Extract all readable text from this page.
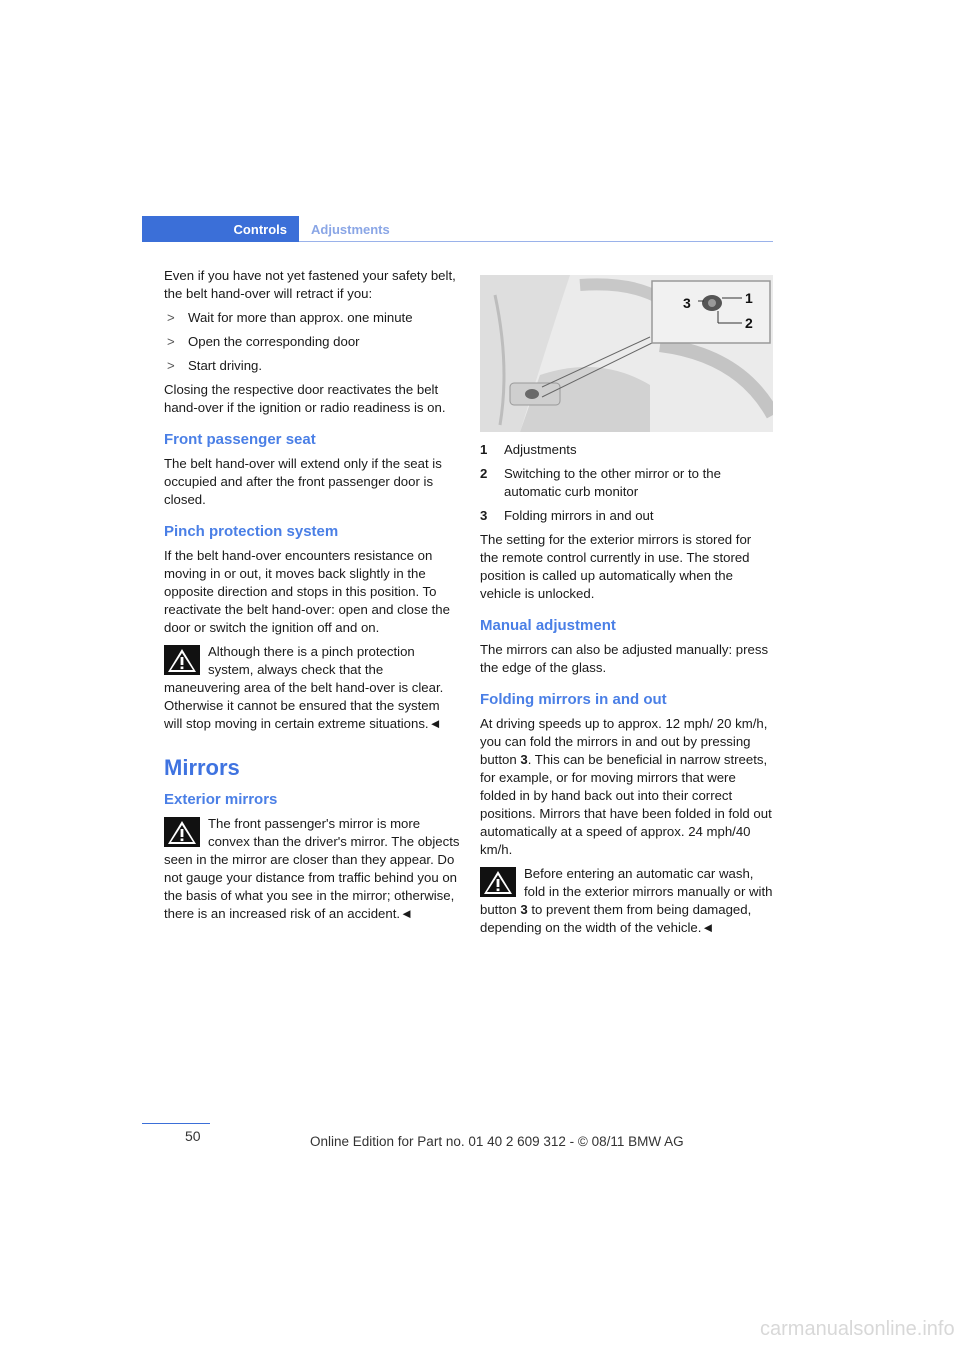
Controls Adjustments

Even if you have not yet fastened your safety belt, the belt hand-over will retract if you:

> Wait for more than approx. one minute
> Open the corresponding door
> Start driving.

Closing the respective door reactivates the belt hand-over if the ignition or radio readiness is on.

Front passenger seat

The belt hand-over will extend only if the seat is occupied and after the front passenger door is closed.

Pinch protection system

If the belt hand-over encounters resistance on moving in or out, it moves back slightly in the opposite direction and stops in this position. To reactivate the belt hand-over: open and close the door or switch the ignition off and on.

Although there is a pinch protection system, always check that the maneuvering area of the belt hand-over is clear. Otherwise it cannot be ensured that the system will stop moving in certain extreme situations.◄
Mirrors
Exterior mirrors
The front passenger's mirror is more convex than the driver's mirror. The objects seen in the mirror are closer than they appear. Do not gauge your distance from traffic behind you on the basis of what you see in the mirror; otherwise, there is an increased risk of an accident.◄
3	1
2
1 Adjustments
2 Switching to the other mirror or to the automatic curb monitor
3 Folding mirrors in and out

The setting for the exterior mirrors is stored for the remote control currently in use. The stored position is called up automatically when the vehicle is unlocked.

Manual adjustment

The mirrors can also be adjusted manually: press the edge of the glass.

Folding mirrors in and out

At driving speeds up to approx. 12 mph/ 20 km/h, you can fold the mirrors in and out by pressing button 3. This can be beneficial in narrow streets, for example, or for moving mirrors that were folded in by hand back out into their correct positions. Mirrors that have been folded in fold out automatically at a speed of approx. 24 mph/40 km/h.

Before entering an automatic car wash, fold in the exterior mirrors manually or with button 3 to prevent them from being damaged, depending on the width of the vehicle.◄
50	Online Edition for Part no. 01 40 2 609 312 - © 08/11 BMW AG
carmanualsonline.info
